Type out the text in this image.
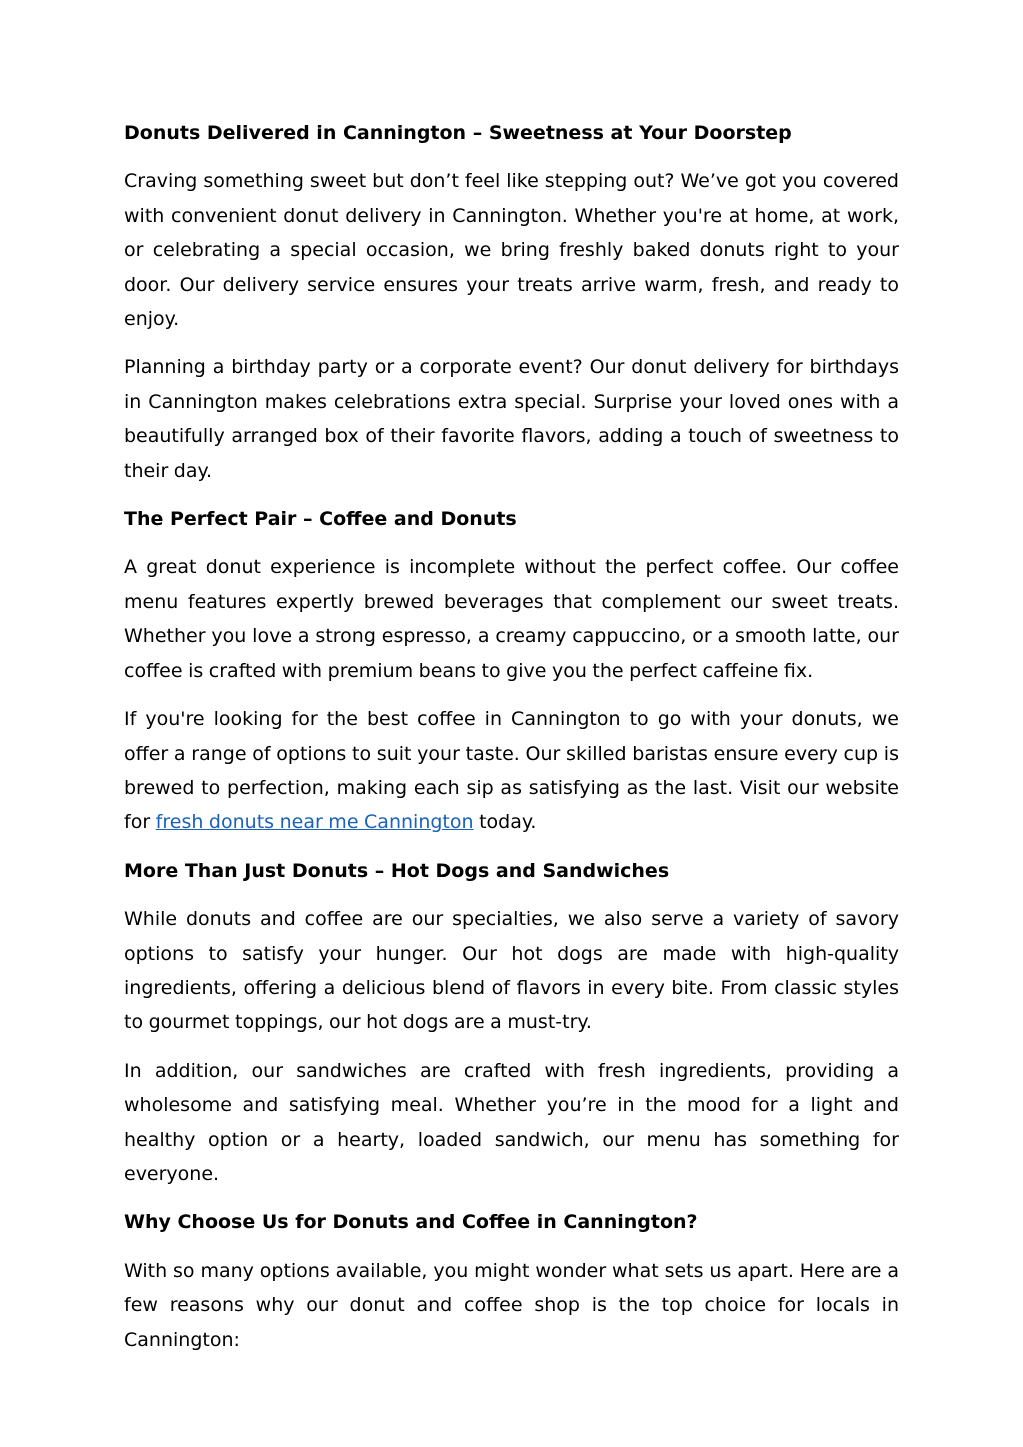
Donuts Delivered in Cannington – Sweetness at Your Doorstep
Craving something sweet but don’t feel like stepping out? We’ve got you covered with convenient donut delivery in Cannington. Whether you're at home, at work, or celebrating a special occasion, we bring freshly baked donuts right to your door. Our delivery service ensures your treats arrive warm, fresh, and ready to enjoy.
Planning a birthday party or a corporate event? Our donut delivery for birthdays in Cannington makes celebrations extra special. Surprise your loved ones with a beautifully arranged box of their favorite flavors, adding a touch of sweetness to their day.
The Perfect Pair – Coffee and Donuts
A great donut experience is incomplete without the perfect coffee. Our coffee menu features expertly brewed beverages that complement our sweet treats. Whether you love a strong espresso, a creamy cappuccino, or a smooth latte, our coffee is crafted with premium beans to give you the perfect caffeine fix.
If you're looking for the best coffee in Cannington to go with your donuts, we offer a range of options to suit your taste. Our skilled baristas ensure every cup is brewed to perfection, making each sip as satisfying as the last. Visit our website for fresh donuts near me Cannington today.
More Than Just Donuts – Hot Dogs and Sandwiches
While donuts and coffee are our specialties, we also serve a variety of savory options to satisfy your hunger. Our hot dogs are made with high-quality ingredients, offering a delicious blend of flavors in every bite. From classic styles to gourmet toppings, our hot dogs are a must-try.
In addition, our sandwiches are crafted with fresh ingredients, providing a wholesome and satisfying meal. Whether you’re in the mood for a light and healthy option or a hearty, loaded sandwich, our menu has something for everyone.
Why Choose Us for Donuts and Coffee in Cannington?
With so many options available, you might wonder what sets us apart. Here are a few reasons why our donut and coffee shop is the top choice for locals in Cannington:
